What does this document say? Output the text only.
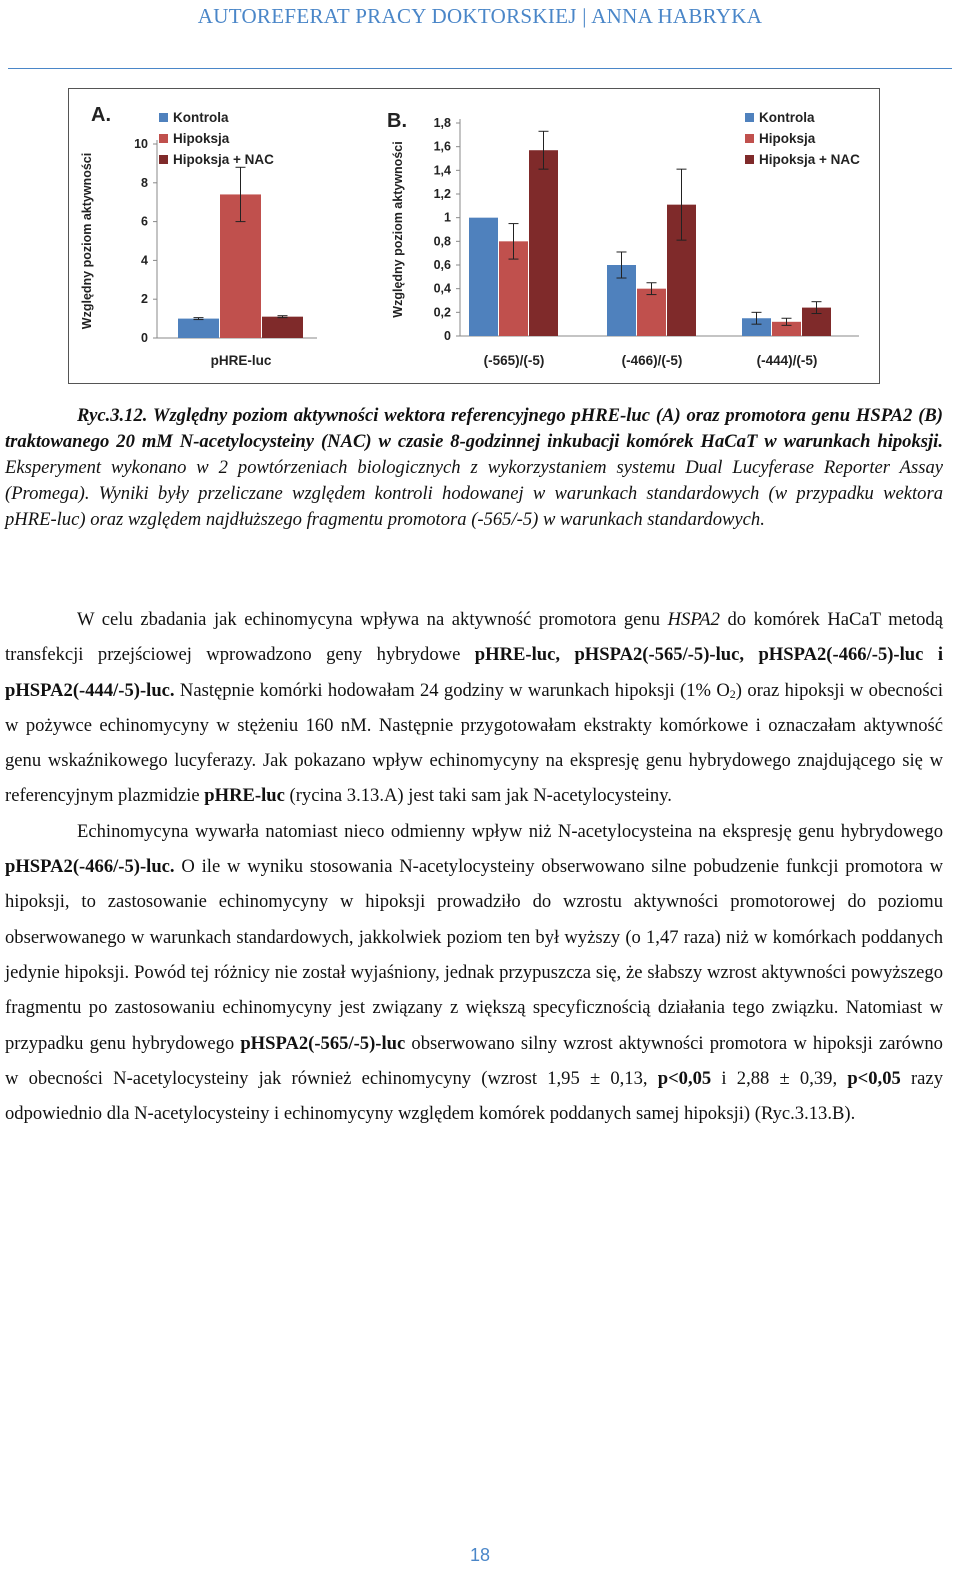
AUTOREFERAT PRACY DOKTORSKIEJ | ANNA HABRYKA
A.
0
2
4
6
8
10
Względny poziom aktywności
pHRE-luc
Kontrola
Hipoksja
Hipoksja + NAC
B.
0
0,2
0,4
0,6
0,8
1
1,2
1,4
1,6
1,8
Względny poziom aktywności
(-565)/(-5)	(-466)/(-5)	(-444)/(-5)
Kontrola
Hipoksja
Hipoksja + NAC

Ryc.3.12. Względny poziom aktywności wektora referencyjnego pHRE-luc (A) oraz promotora genu HSPA2 (B) traktowanego 20 mM N-acetylocysteiny (NAC) w czasie 8-godzinnej inkubacji komórek HaCaT w warunkach hipoksji. Eksperyment wykonano w 2 powtórzeniach biologicznych z wykorzystaniem systemu Dual Lucyferase Reporter Assay (Promega). Wyniki były przeliczane względem kontroli hodowanej w warunkach standardowych (w przypadku wektora pHRE-luc) oraz względem najdłuższego fragmentu promotora (-565/-5) w warunkach standardowych.

W celu zbadania jak echinomycyna wpływa na aktywność promotora genu HSPA2 do komórek HaCaT metodą transfekcji przejściowej wprowadzono geny hybrydowe pHRE-luc, pHSPA2(-565/-5)-luc, pHSPA2(-466/-5)-luc i pHSPA2(-444/-5)-luc. Następnie komórki hodowałam 24 godziny w warunkach hipoksji (1% $O_2$) oraz hipoksji w obecności w pożywce echinomycyny w stężeniu 160 nM. Następnie przygotowałam ekstrakty komórkowe i oznaczałam aktywność genu wskaźnikowego lucyferazy. Jak pokazano wpływ echinomycyny na ekspresję genu hybrydowego znajdującego się w referencyjnym plazmidzie pHRE-luc (rycina 3.13.A) jest taki sam jak N-acetylocysteiny.

Echinomycyna wywarła natomiast nieco odmienny wpływ niż N-acetylocysteina na ekspresję genu hybrydowego pHSPA2(-466/-5)-luc. O ile w wyniku stosowania N-acetylocysteiny obserwowano silne pobudzenie funkcji promotora w hipoksji, to zastosowanie echinomycyny w hipoksji prowadziło do wzrostu aktywności promotorowej do poziomu obserwowanego w warunkach standardowych, jakkolwiek poziom ten był wyższy (o 1,47 raza) niż w komórkach poddanych jedynie hipoksji. Powód tej różnicy nie został wyjaśniony, jednak przypuszcza się, że słabszy wzrost aktywności powyższego fragmentu po zastosowaniu echinomycyny jest związany z większą specyficznością działania tego związku. Natomiast w przypadku genu hybrydowego pHSPA2(-565/-5)-luc obserwowano silny wzrost aktywności promotora w hipoksji zarówno w obecności N-acetylocysteiny jak również echinomycyny (wzrost 1,95 ± 0,13, p<0,05 i 2,88 ± 0,39, p<0,05 razy odpowiednio dla N-acetylocysteiny i echinomycyny względem komórek poddanych samej hipoksji) (Ryc.3.13.B).

18
